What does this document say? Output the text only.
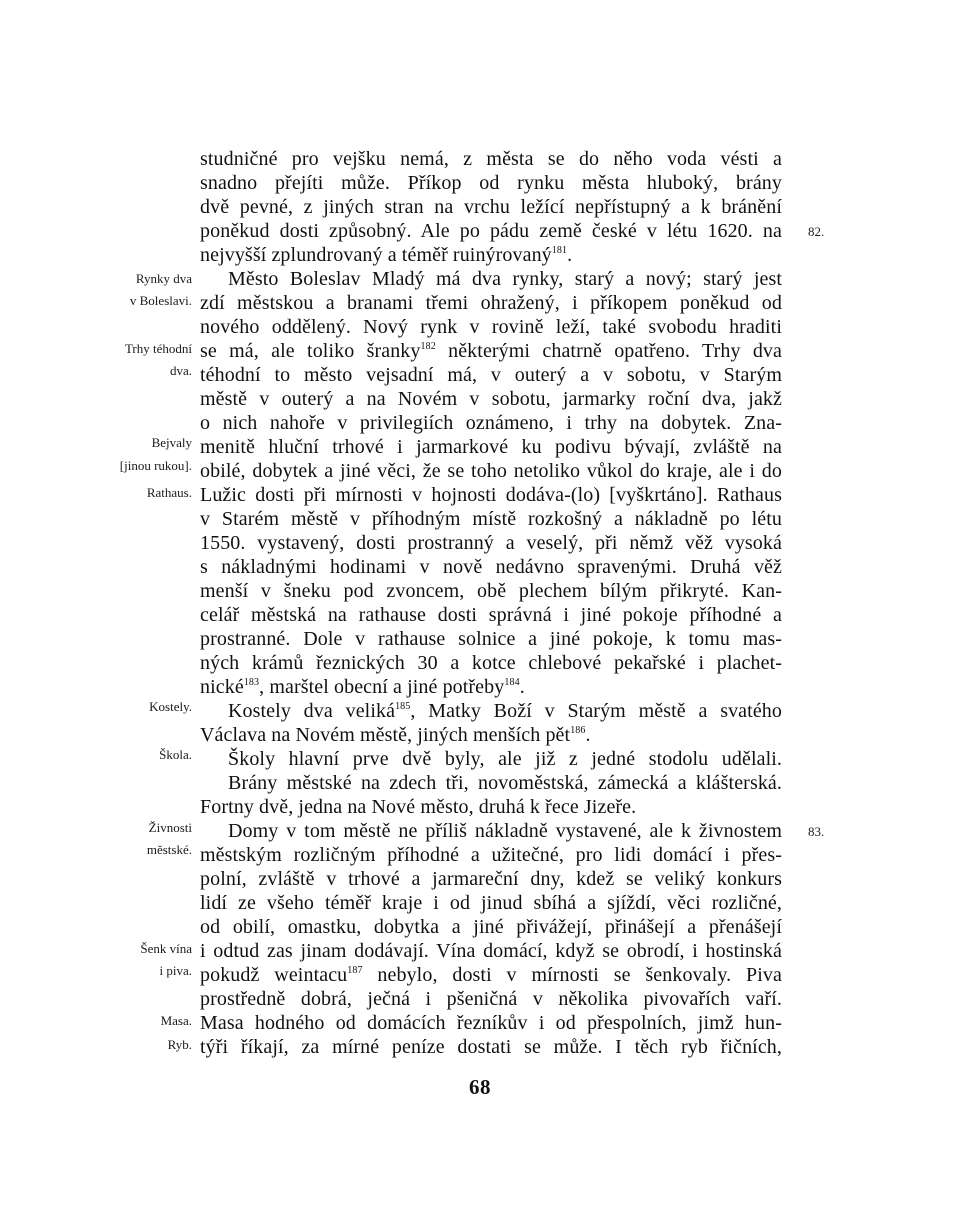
studničné pro vejšku nemá, z města se do něho voda vésti a
snadno přejíti může. Příkop od rynku města hluboký, brány
dvě pevné, z jiných stran na vrchu ležící nepřístupný a k bránění
poněkud dosti způsobný. Ale po pádu země české v létu 1620. na
nejvyšší zplundrovaný a téměř ruinýrovaný$^{181}$.
Město Boleslav Mladý má dva rynky, starý a nový; starý jest
zdí městskou a branami třemi ohražený, i příkopem poněkud od
nového oddělený. Nový rynk v rovině leží, také svobodu hraditi
se má, ale toliko šranky$^{182}$ některými chatrně opatřeno. Trhy dva
téhodní to město vejsadní má, v outerý a v sobotu, v Starým
městě v outerý a na Novém v sobotu, jarmarky roční dva, jakž
o nich nahoře v privilegiích oznámeno, i trhy na dobytek. Zna-
menitě hluční trhové i jarmarkové ku podivu bývají, zvláště na
obilé, dobytek a jiné věci, že se toho netoliko vůkol do kraje, ale i do
Lužic dosti při mírnosti v hojnosti dodáva-(lo) [vyškrtáno]. Rathaus
v Starém městě v příhodným místě rozkošný a nákladně po létu
1550. vystavený, dosti prostranný a veselý, při němž věž vysoká
s nákladnými hodinami v nově nedávno spravenými. Druhá věž
menší v šneku pod zvoncem, obě plechem bílým přikryté. Kan-
celář městská na rathause dosti správná i jiné pokoje příhodné a
prostranné. Dole v rathause solnice a jiné pokoje, k tomu mas-
ných krámů řeznických 30 a kotce chlebové pekařské i plachet-
nické$^{183}$, marštel obecní a jiné potřeby$^{184}$.
Kostely dva veliká$^{185}$, Matky Boží v Starým městě a svatého
Václava na Novém městě, jiných menších pět$^{186}$.
Školy hlavní prve dvě byly, ale již z jedné stodolu udělali.
Brány městské na zdech tři, novoměstská, zámecká a klášterská.
Fortny dvě, jedna na Nové město, druhá k řece Jizeře.
Domy v tom městě ne příliš nákladně vystavené, ale k živnostem
městským rozličným příhodné a užitečné, pro lidi domácí i přes-
polní, zvláště v trhové a jarmareční dny, kdež se veliký konkurs
lidí ze všeho téměř kraje i od jinud sbíhá a sjíždí, věci rozličné,
od obilí, omastku, dobytka a jiné přivážejí, přinášejí a přenášejí
i odtud zas jinam dodávají. Vína domácí, když se obrodí, i hostinská
pokudž weintacu$^{187}$ nebylo, dosti v mírnosti se šenkovaly. Piva
prostředně dobrá, ječná i pšeničná v několika pivovařích vaří.
Masa hodného od domácích řezníkův i od přespolních, jimž hun-
týři říkají, za mírné peníze dostati se může. I těch ryb řičních,
Rynky dva
v Boleslavi.
Trhy téhodní
dva.
Bejvaly
[jinou rukou].
Rathaus.
Kostely.
Škola.
Živnosti
městské.
Šenk vína
i piva.
Masa.
Ryb.
82.
83.
68
